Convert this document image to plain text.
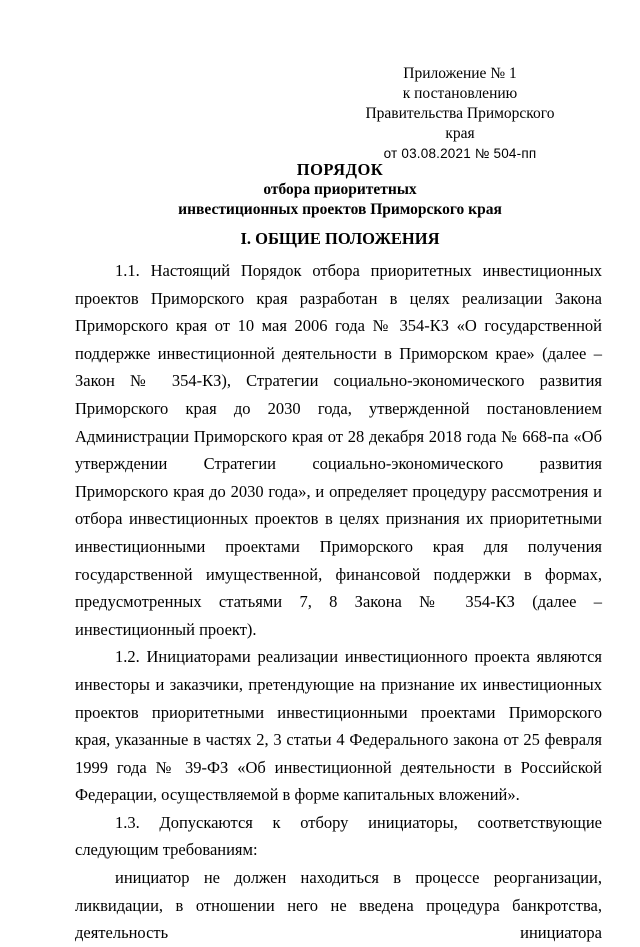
Приложение № 1
к постановлению
Правительства Приморского края
от 03.08.2021 № 504-пп
ПОРЯДОК
отбора приоритетных
инвестиционных проектов Приморского края
I. ОБЩИЕ ПОЛОЖЕНИЯ

1.1. Настоящий Порядок отбора приоритетных инвестиционных проектов Приморского края разработан в целях реализации Закона Приморского края от 10 мая 2006 года № 354-КЗ «О государственной поддержке инвестиционной деятельности в Приморском крае» (далее – Закон № 354-КЗ), Стратегии социально-экономического развития Приморского края до 2030 года, утвержденной постановлением Администрации Приморского края от 28 декабря 2018 года № 668-па «Об утверждении Стратегии социально-экономического развития Приморского края до 2030 года», и определяет процедуру рассмотрения и отбора инвестиционных проектов в целях признания их приоритетными инвестиционными проектами Приморского края для получения государственной имущественной, финансовой поддержки в формах, предусмотренных статьями 7, 8 Закона № 354-КЗ (далее – инвестиционный проект).

1.2. Инициаторами реализации инвестиционного проекта являются инвесторы и заказчики, претендующие на признание их инвестиционных проектов приоритетными инвестиционными проектами Приморского края, указанные в частях 2, 3 статьи 4 Федерального закона от 25 февраля 1999 года № 39-ФЗ «Об инвестиционной деятельности в Российской Федерации, осуществляемой в форме капитальных вложений».

1.3. Допускаются к отбору инициаторы, соответствующие следующим требованиям:

инициатор не должен находиться в процессе реорганизации, ликвидации, в отношении него не введена процедура банкротства, деятельность инициатора
